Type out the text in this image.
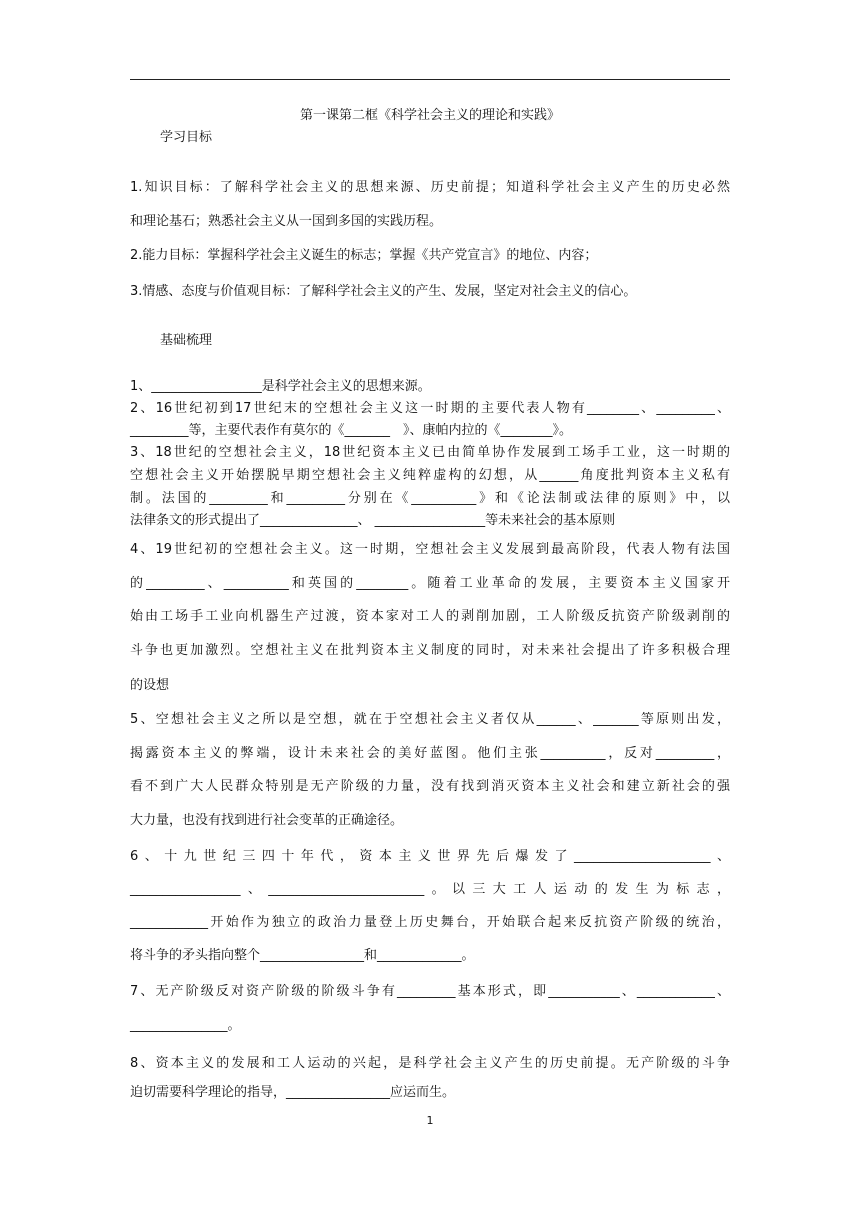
第一课第二框《科学社会主义的理论和实践》
学习目标
1.知识目标：了解科学社会主义的思想来源、历史前提；知道科学社会主义产生的历史必然
和理论基石；熟悉社会主义从一国到多国的实践历程。
2.能力目标：掌握科学社会主义诞生的标志；掌握《共产党宣言》的地位、内容；
3.情感、态度与价值观目标：了解科学社会主义的产生、发展，坚定对社会主义的信心。
基础梳理
1、_________________是科学社会主义的思想来源。
2、16世纪初到17世纪末的空想社会主义这一时期的主要代表人物有________、_________、
_________等，主要代表作有莫尔的《_______　》、康帕内拉的《________》。
3、18世纪的空想社会主义，18世纪资本主义已由简单协作发展到工场手工业，这一时期的
空想社会主义开始摆脱早期空想社会主义纯粹虚构的幻想，从______角度批判资本主义私有
制。法国的_________和_________分别在《__________》和《论法制或法律的原则》中，以
法律条文的形式提出了_______________、 _________________等未来社会的基本原则
4、19世纪初的空想社会主义。这一时期，空想社会主义发展到最高阶段，代表人物有法国
的_________、__________和英国的________。随着工业革命的发展，主要资本主义国家开
始由工场手工业向机器生产过渡，资本家对工人的剥削加剧，工人阶级反抗资产阶级剥削的
斗争也更加激烈。空想社主义在批判资本主义制度的同时，对未来社会提出了许多积极合理
的设想
5、空想社会主义之所以是空想，就在于空想社会主义者仅从______、_______等原则出发，
揭露资本主义的弊端，设计未来社会的美好蓝图。他们主张__________，反对_________，
看不到广大人民群众特别是无产阶级的力量，没有找到消灭资本主义社会和建立新社会的强
大力量，也没有找到进行社会变革的正确途径。
6、十九世纪三四十年代，资本主义世界先后爆发了_____________________、
_________________、________________________。以三大工人运动的发生为标志，
____________开始作为独立的政治力量登上历史舞台，开始联合起来反抗资产阶级的统治，
将斗争的矛头指向整个________________和_____________。
7、无产阶级反对资产阶级的阶级斗争有_________基本形式，即___________、____________、
_______________。
8、资本主义的发展和工人运动的兴起，是科学社会主义产生的历史前提。无产阶级的斗争
迫切需要科学理论的指导，________________应运而生。
1
